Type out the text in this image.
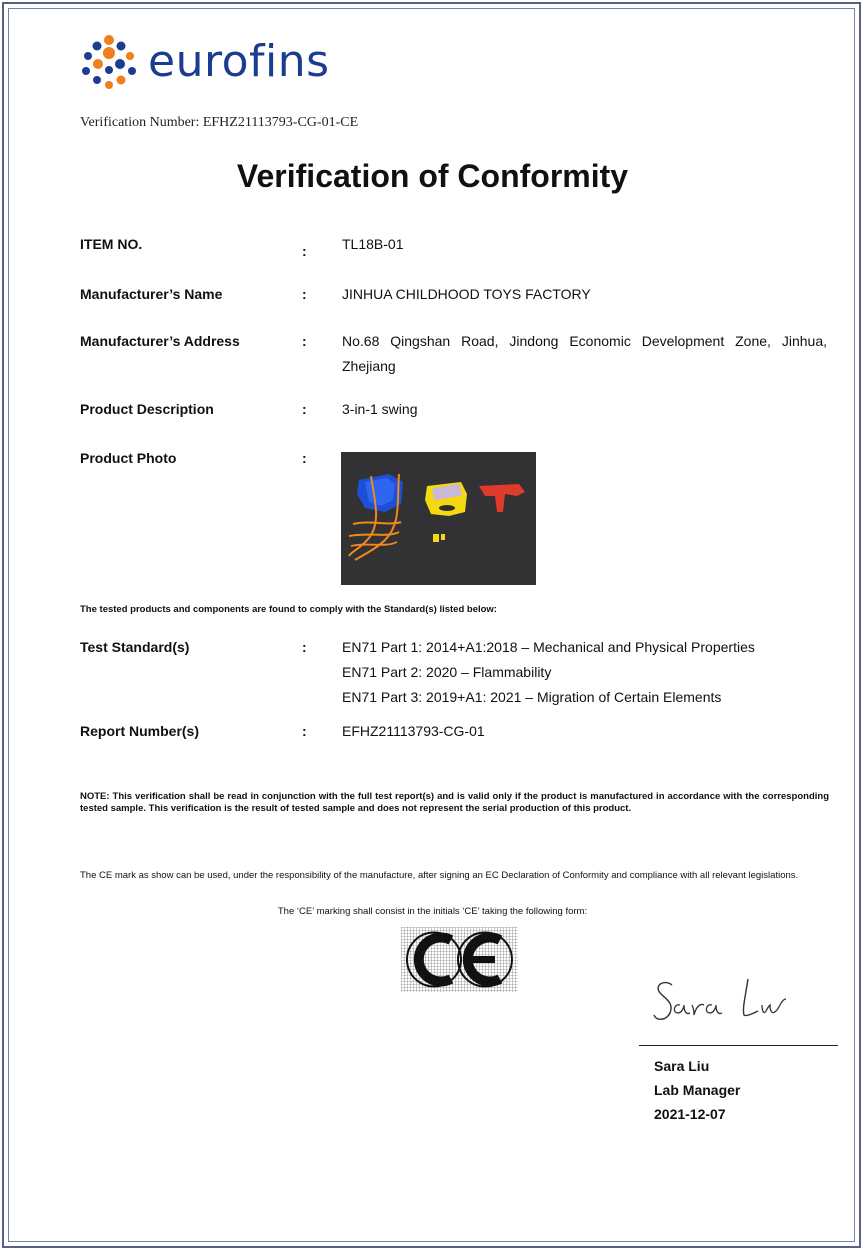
eurofins
Verification Number: EFHZ21113793-CG-01-CE
Verification of Conformity
ITEM NO.	:	TL18B-01
Manufacturer’s Name	:	JINHUA CHILDHOOD TOYS FACTORY
Manufacturer’s Address	:	No.68 Qingshan Road, Jindong Economic Development Zone, Jinhua, Zhejiang
Product Description	:	3-in-1 swing
Product Photo	:
The tested products and components are found to comply with the Standard(s) listed below:
Test Standard(s)	:	EN71 Part 1: 2014+A1:2018 – Mechanical and Physical Properties
EN71 Part 2: 2020 – Flammability
EN71 Part 3: 2019+A1: 2021 – Migration of Certain Elements
Report Number(s)	:	EFHZ21113793-CG-01
NOTE: This verification shall be read in conjunction with the full test report(s) and is valid only if the product is manufactured in accordance with the corresponding tested sample. This verification is the result of tested sample and does not represent the serial production of this product.
The CE mark as show can be used, under the responsibility of the manufacture, after signing an EC Declaration of Conformity and compliance with all relevant legislations.
The ‘CE’ marking shall consist in the initials ‘CE’ taking the following form:
Sara Liu
Lab Manager
2021-12-07
